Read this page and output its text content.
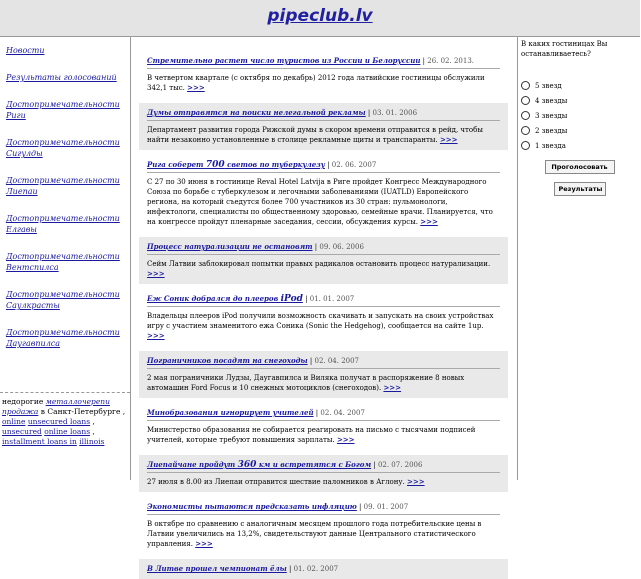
pipeclub.lv
Новости
Результаты голосований
Достопримечательности Риги
Достопримечательности Сигулды
Достопримечательности Лиепаи
Достопримечательности Елгавы
Достопримечательности Вентспилса
Достопримечательности Саулкрасты
Достопримечательности Даугавпилса
недорогие металлочерепи продажа в Санкт-Петербурге , online unsecured loans , unsecured online loans , installment loans in illinois
Стремительно растет число туристов из России и Белоруссии | 26. 02. 2013.
В четвертом квартале (с октября по декабрь) 2012 года латвийские гостиницы обслужили 342,1 тыс. >>>
Думы отправятся на поиски нелегальной рекламы | 03. 01. 2006
Департамент развития города Рижской думы в скором времени отправится в рейд, чтобы найти незаконно установленные в столице рекламные щиты и транспаранты. >>>
Рига соберет 700 светов по туберкулезу | 02. 06. 2007
С 27 по 30 июня в гостинице Reval Hotel Latvija в Риге пройдет Конгресс Международного Союза по борьбе с туберкулезом и легочными заболеваниями (IUATLD) Европейского региона, на который съедутся более 700 участников из 30 стран: пульмонологи, инфектологи, специалисты по общественному здоровью, семейные врачи. Планируется, что на конгрессе пройдут пленарные заседания, сессии, обсуждения курсы. >>>
Процесс натурализации не остановят | 09. 06. 2006
Сейм Латвии заблокировал попытки правых радикалов остановить процесс натурализации. >>>
Еж Соник добрался до плееров iPod | 01. 01. 2007
Владельцы плееров iPod получили возможность скачивать и запускать на своих устройствах игру с участием знаменитого ежа Соника (Sonic the Hedgehog), сообщается на сайте 1up. >>>
Пограничников посадят на снегоходы | 02. 04. 2007
2 мая пограничники Лудзы, Даугавпилса и Вилякa получат в распоряжение 8 новых автомашин Ford Focus и 10 снежных мотоциклов (снегоходов). >>>
Минобразования игнорирует учителей | 02. 04. 2007
Министерство образования не собирается реагировать на письмо с тысячами подписей учителей, которые требуют повышения зарплаты. >>>
Лиепайчане пройдут 360 км и встретятся с Богом | 02. 07. 2006
27 июля в 8.00 из Лиепаи отправится шествие паломников в Аглону. >>>
Экономисты пытаются предсказать инфляцию | 09. 01. 2007
В октябре по сравнению с аналогичным месяцем прошлого года потребительские цены в Латвии увеличились на 13,2%, свидетельствуют данные Центрального статистического управления. >>>
В Литве прошел чемпионат ёлы | 01. 02. 2007
В каких гостиницах Вы останавливаетесь?
5 звезд
4 звезды
3 звезды
2 звезды
1 звезда
Проголосовать
Результаты
